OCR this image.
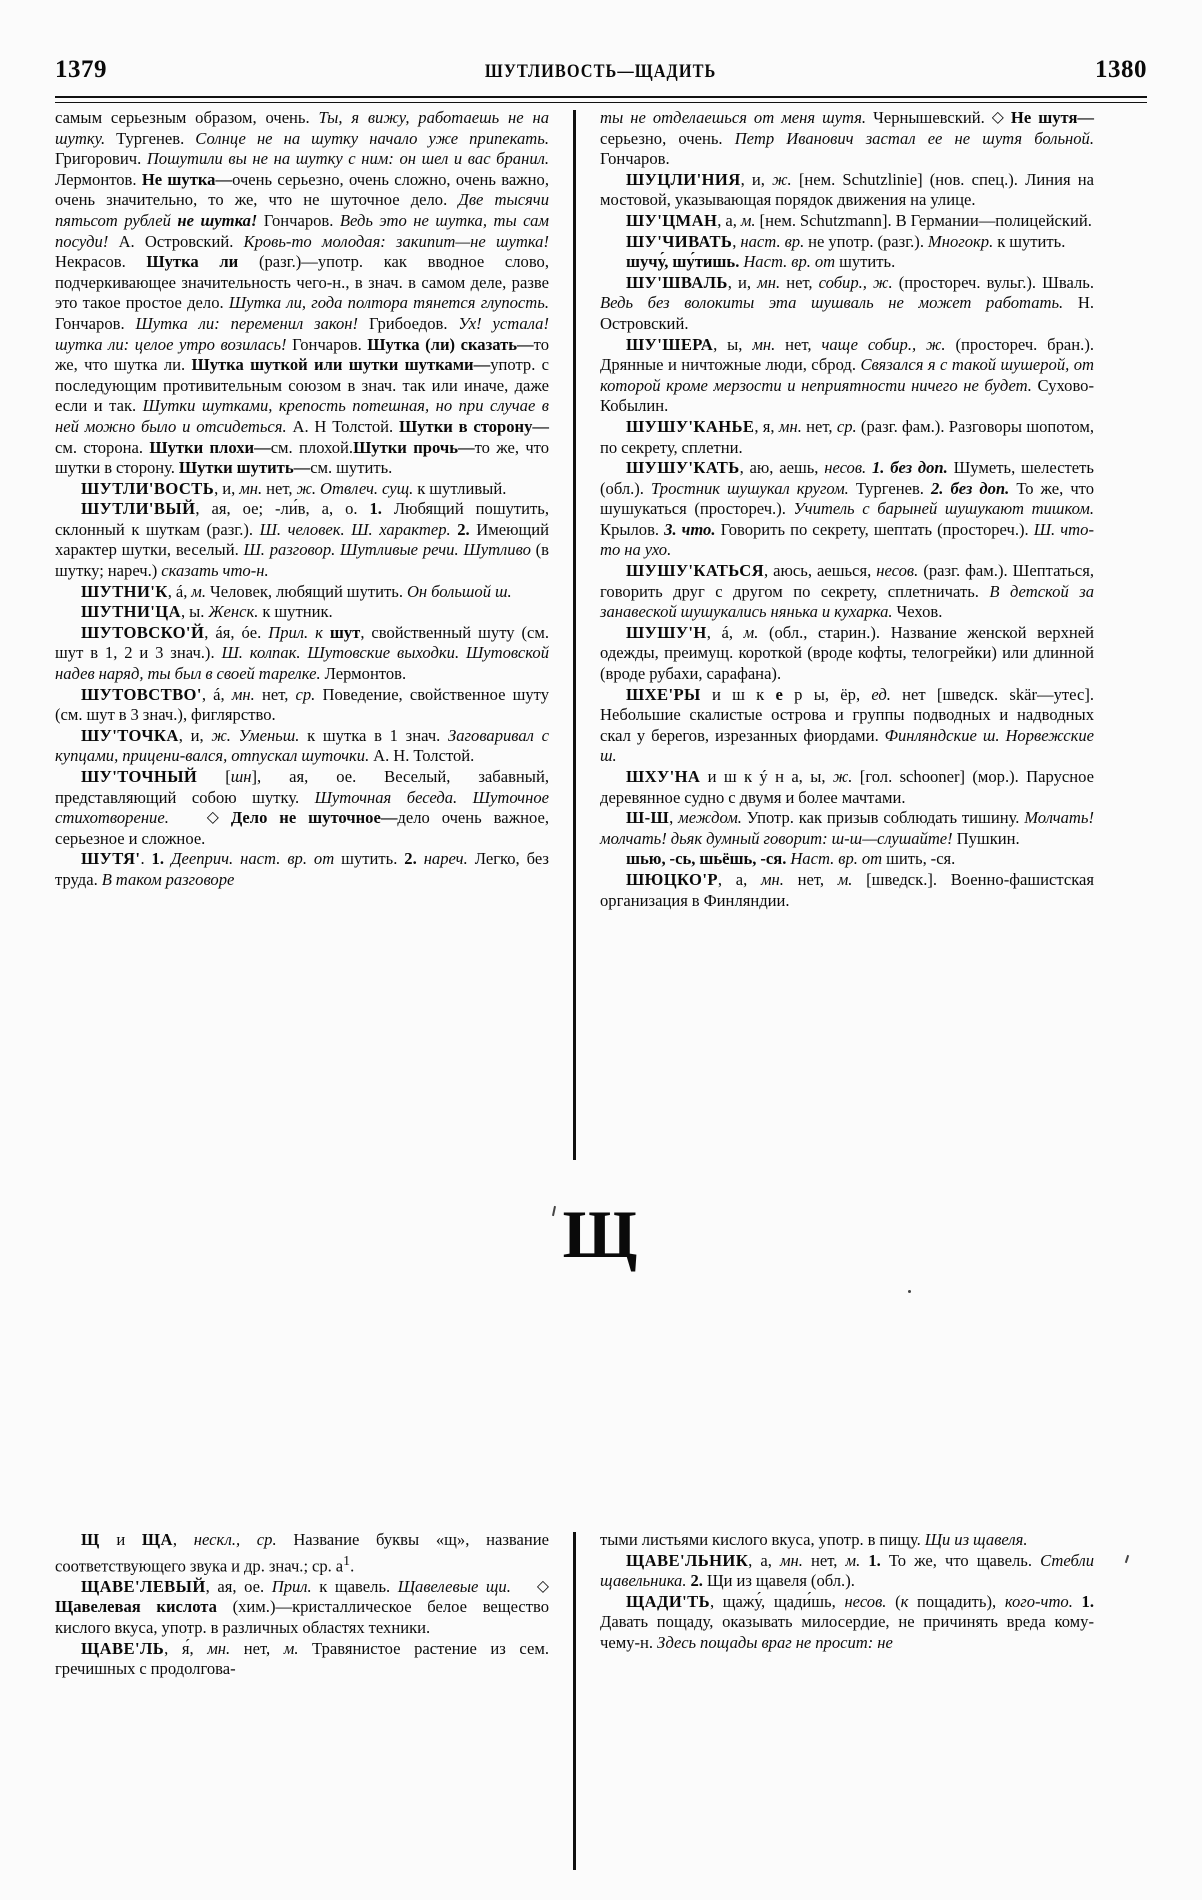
1379	ШУТЛИВОСТЬ—ЩАДИТЬ	1380

самым серьезным образом, очень. Ты, я вижу, работаешь не на шутку. Тургенев. Солнце не на шутку начало уже припекать. Григорович. Пошутили вы не на шутку с ним: он шел и вас бранил. Лермонтов. Не шутка—очень серьезно, очень сложно, очень важно, очень значительно, то же, что не шуточное дело. Две тысячи пятьсот рублей не шутка! Гончаров. Ведь это не шутка, ты сам посуди! А. Островский. Кровь-то молодая: закипит—не шутка! Некрасов. Шутка ли (разг.)—употр. как вводное слово, подчеркивающее значительность чего-н., в знач. в самом деле, разве это такое простое дело. Шутка ли, года полтора тянется глупость. Гончаров. Шутка ли: переменил закон! Грибоедов. Ух! устала! шутка ли: целое утро возилась! Гончаров. Шутка (ли) сказать—то же, что шутка ли. Шутка шуткой или шутки шутками—употр. с последующим противительным союзом в знач. так или иначе, даже если и так. Шутки шутками, крепость потешная, но при случае в ней можно было и отсидеться. А. Н Толстой. Шутки в сторону—см. сторона. Шутки плохи—см. плохой.Шутки прочь—то же, что шутки в сторону. Шутки шутить—см. шутить.

ШУТЛИ'ВОСТЬ, и, мн. нет, ж. Отвлеч. сущ. к шутливый.

ШУТЛИ'ВЫЙ, ая, ое; -ли́в, а, о. 1. Любящий пошутить, склонный к шуткам (разг.). Ш. человек. Ш. характер. 2. Имеющий характер шутки, веселый. Ш. разговор. Шутливые речи. Шутливо (в шутку; нареч.) сказать что-н.

ШУТНИ'К, á, м. Человек, любящий шутить. Он большой ш.

ШУТНИ'ЦА, ы. Женск. к шутник.

ШУТОВСКО'Й, áя, óе. Прил. к шут, свойственный шуту (см. шут в 1, 2 и 3 знач.). Ш. колпак. Шутовские выходки. Шутовской надев наряд, ты был в своей тарелке. Лермонтов.

ШУТОВСТВО', á, мн. нет, ср. Поведение, свойственное шуту (см. шут в 3 знач.), фиглярство.

ШУ'ТОЧКА, и, ж. Уменьш. к шутка в 1 знач. Заговаривал с купцами, прицени-вался, отпускал шуточки. А. Н. Толстой.

ШУ'ТОЧНЫЙ [шн], ая, ое. Веселый, забавный, представляющий собою шутку. Шуточная беседа. Шуточное стихотворение. ◇ Дело не шуточное—дело очень важное, серьезное и сложное.

ШУТЯ'. 1. Дееприч. наст. вр. от шутить. 2. нареч. Легко, без труда. В таком разговоре

ты не отделаешься от меня шутя. Чернышевский. ◇ Не шутя—серьезно, очень. Петр Иванович застал ее не шутя больной. Гончаров.

ШУЦЛИ'НИЯ, и, ж. [нем. Schutzlinie] (нов. спец.). Линия на мостовой, указывающая порядок движения на улице.

ШУ'ЦМАН, а, м. [нем. Schutzmann]. В Германии—полицейский.

ШУ'ЧИВАТЬ, наст. вр. не употр. (разг.). Многокр. к шутить.

шучу́, шу́тишь. Наст. вр. от шутить.

ШУ'ШВАЛЬ, и, мн. нет, собир., ж. (простореч. вульг.). Шваль. Ведь без волокиты эта шушваль не может работать. Н. Островский.

ШУ'ШЕРА, ы, мн. нет, чаще собир., ж. (простореч. бран.). Дрянные и ничтожные люди, сброд. Связался я с такой шушерой, от которой кроме мерзости и неприятности ничего не будет. Сухово-Кобылин.

ШУШУ'КАНЬЕ, я, мн. нет, ср. (разг. фам.). Разговоры шопотом, по секрету, сплетни.

ШУШУ'КАТЬ, аю, аешь, несов. 1. без доп. Шуметь, шелестеть (обл.). Тростник шушукал кругом. Тургенев. 2. без доп. То же, что шушукаться (простореч.). Учитель с барыней шушукают тишком. Крылов. 3. что. Говорить по секрету, шептать (простореч.). Ш. что-то на ухо.

ШУШУ'КАТЬСЯ, аюсь, аешься, несов. (разг. фам.). Шептаться, говорить друг с другом по секрету, сплетничать. В детской за занавеской шушукались нянька и кухарка. Чехов.

ШУШУ'Н, á, м. (обл., старин.). Название женской верхней одежды, преимущ. короткой (вроде кофты, телогрейки) или длинной (вроде рубахи, сарафана).

ШХЕ'РЫ и ш к е р ы, ёр, ед. нет [шведск. skär—утес]. Небольшие скалистые острова и группы подводных и надводных скал у берегов, изрезанных фиордами. Финляндские ш. Норвежские ш.

ШХУ'НА и ш к ý н а, ы, ж. [гол. schooner] (мор.). Парусное деревянное судно с двумя и более мачтами.

Ш-Ш, междом. Употр. как призыв соблюдать тишину. Молчать! молчать! дьяк думный говорит: ш-ш—слушайте! Пушкин.

шью, -сь, шьёшь, -ся. Наст. вр. от шить, -ся.

ШЮЦКО'Р, а, мн. нет, м. [шведск.]. Военно-фашистская организация в Финляндии.

Щ

Щ и ЩА, нескл., ср. Название буквы «щ», название соответствующего звука и др. знач.; ср. $а^1$.

ЩАВЕ'ЛЕВЫЙ, ая, ое. Прил. к щавель. Щавелевые щи. ◇ Щавелевая кислота (хим.)—кристаллическое белое вещество кислого вкуса, употр. в различных областях техники.

ЩАВЕ'ЛЬ, я́, мн. нет, м. Травянистое растение из сем. гречишных с продолгова-

тыми листьями кислого вкуса, употр. в пищу. Щи из щавеля.

ЩАВЕ'ЛЬНИК, а, мн. нет, м. 1. То же, что щавель. Стебли щавельника. 2. Щи из щавеля (обл.).

ЩАДИ'ТЬ, щажу́, щади́шь, несов. (к пощадить), кого-что. 1. Давать пощаду, оказывать милосердие, не причинять вреда кому-чему-н. Здесь пощады враг не просит: не
